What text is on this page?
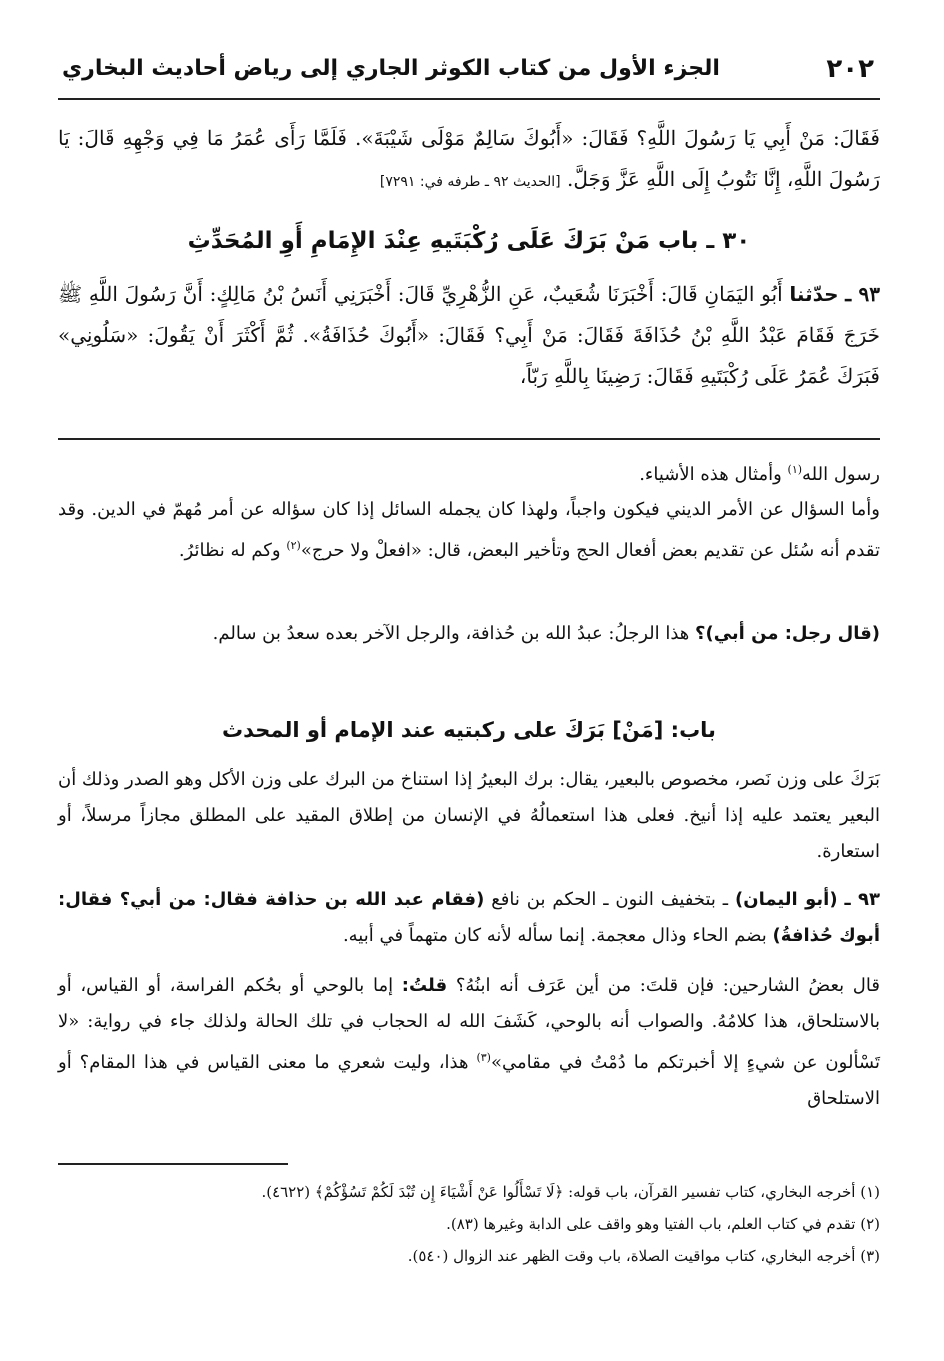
٢٠٢
الجزء الأول من كتاب الكوثر الجاري إلى رياض أحاديث البخاري
فَقَالَ: مَنْ أَبِي يَا رَسُولَ اللَّهِ؟ فَقَالَ: «أَبُوكَ سَالِمٌ مَوْلَى شَيْبَةَ». فَلَمَّا رَأَى عُمَرُ مَا فِي وَجْهِهِ قَالَ: يَا رَسُولَ اللَّهِ، إِنَّا نَتُوبُ إِلَى اللَّهِ عَزَّ وَجَلَّ. [الحديث ٩٢ ـ طرفه في: ٧٢٩١]
٣٠ ـ باب مَنْ بَرَكَ عَلَى رُكْبَتَيهِ عِنْدَ الإِمَامِ أَوِ المُحَدِّثِ
٩٣ ـ حدّثنا أَبُو اليَمَانِ قَالَ: أَخْبَرَنَا شُعَيبٌ، عَنِ الزُّهْرِيِّ قَالَ: أَخْبَرَنِي أَنَسُ بْنُ مَالِكٍ: أَنَّ رَسُولَ اللَّهِ ﷺ خَرَجَ فَقَامَ عَبْدُ اللَّهِ بْنُ حُذَافَةَ فَقَالَ: مَنْ أَبِي؟ فَقَالَ: «أَبُوكَ حُذَافَةُ». ثُمَّ أَكْثَرَ أَنْ يَقُولَ: «سَلُونِي» فَبَرَكَ عُمَرُ عَلَى رُكْبَتَيهِ فَقَالَ: رَضِينَا بِاللَّهِ رَبّاً،
رسول الله$^{(١)}$ وأمثال هذه الأشياء.
وأما السؤال عن الأمر الديني فيكون واجباً، ولهذا كان يجمله السائل إذا كان سؤاله عن أمر مُهمّ في الدين. وقد تقدم أنه سُئل عن تقديم بعض أفعال الحج وتأخير البعض، قال: «افعلْ ولا حرج»$^{(٢)}$ وكم له نظائرُ.
(قال رجل: من أبي)؟ هذا الرجلُ: عبدُ الله بن حُذافة، والرجل الآخر بعده سعدُ بن سالم.
باب: [مَنْ] بَرَكَ على ركبتيه عند الإمام أو المحدث
بَرَكَ على وزن نَصر، مخصوص بالبعير، يقال: برك البعيرُ إذا استناخ من البرك على وزن الأكل وهو الصدر وذلك أن البعير يعتمد عليه إذا أنيخ. فعلى هذا استعمالُهُ في الإنسان من إطلاق المقيد على المطلق مجازاً مرسلاً، أو استعارة.
٩٣ ـ (أبو اليمان) ـ بتخفيف النون ـ الحكم بن نافع (فقام عبد الله بن حذافة فقال: من أبي؟ فقال: أبوك حُذافةُ) بضم الحاء وذال معجمة. إنما سأله لأنه كان متهماً في أبيه.
قال بعضُ الشارحين: فإن قلتَ: من أين عَرَف أنه ابنُهُ؟ قلتُ: إما بالوحي أو بحُكم الفراسة، أو القياس، أو بالاستلحاق، هذا كلامُهُ. والصواب أنه بالوحي، كَشَفَ الله له الحجاب في تلك الحالة ولذلك جاء في رواية: «لا تَسْألون عن شيءٍ إلا أخبرتكم ما دُمْتُ في مقامي»$^{(٣)}$ هذا، وليت شعري ما معنى القياس في هذا المقام؟ أو الاستلحاق
(١) أخرجه البخاري، كتاب تفسير القرآن، باب قوله: ﴿لَا تَسْأَلُوا عَنْ أَشْيَاءَ إِن تُبْدَ لَكُمْ تَسُؤْكُمْ﴾ (٤٦٢٢).
(٢) تقدم في كتاب العلم، باب الفتيا وهو واقف على الدابة وغيرها (٨٣).
(٣) أخرجه البخاري، كتاب مواقيت الصلاة، باب وقت الظهر عند الزوال (٥٤٠).
